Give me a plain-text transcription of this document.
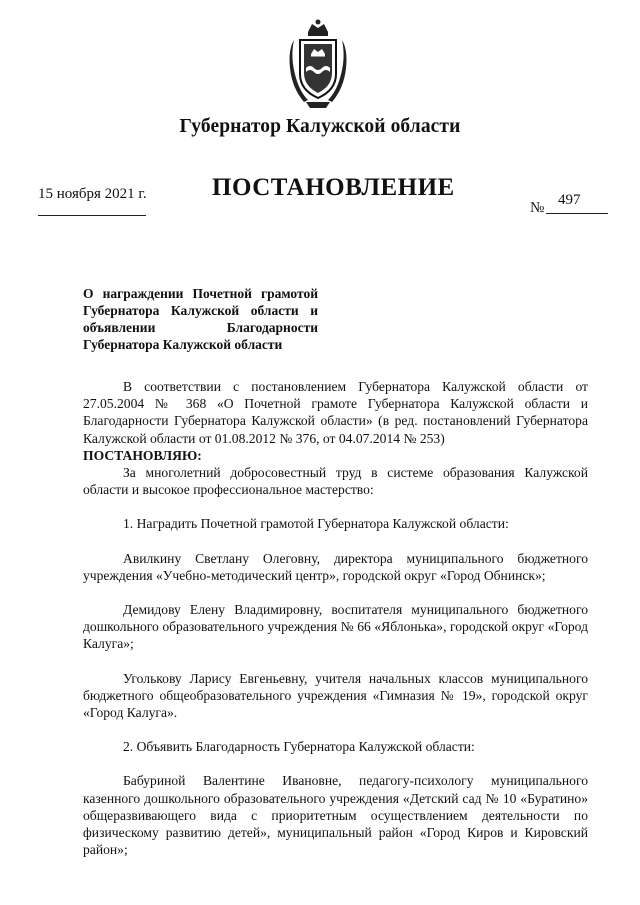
Губернатор Калужской области
15 ноября 2021 г.	ПОСТАНОВЛЕНИЕ
№ 497
О награждении Почетной грамотой Губернатора Калужской области и объявлении Благодарности Губернатора Калужской области

В соответствии с постановлением Губернатора Калужской области от 27.05.2004 № 368 «О Почетной грамоте Губернатора Калужской области и Благодарности Губернатора Калужской области» (в ред. постановлений Губернатора Калужской области от 01.08.2012 № 376, от 04.07.2014 № 253)

ПОСТАНОВЛЯЮ:

За многолетний добросовестный труд в системе образования Калужской области и высокое профессиональное мастерство:

1. Наградить Почетной грамотой Губернатора Калужской области:

Авилкину Светлану Олеговну, директора муниципального бюджетного учреждения «Учебно-методический центр», городской округ «Город Обнинск»;

Демидову Елену Владимировну, воспитателя муниципального бюджетного дошкольного образовательного учреждения № 66 «Яблонька», городской округ «Город Калуга»;

Уголькову Ларису Евгеньевну, учителя начальных классов муниципального бюджетного общеобразовательного учреждения «Гимназия № 19», городской округ «Город Калуга».

2. Объявить Благодарность Губернатора Калужской области:

Бабуриной Валентине Ивановне, педагогу-психологу муниципального казенного дошкольного образовательного учреждения «Детский сад № 10 «Буратино» общеразвивающего вида с приоритетным осуществлением деятельности по физическому развитию детей», муниципальный район «Город Киров и Кировский район»;
